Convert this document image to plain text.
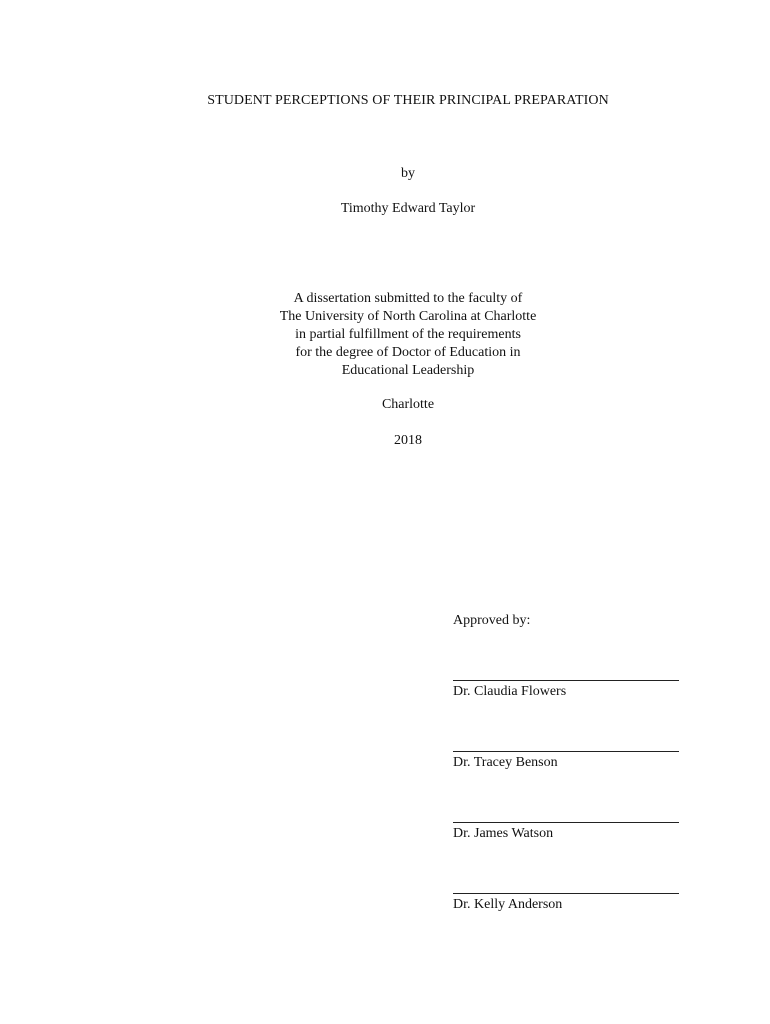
STUDENT PERCEPTIONS OF THEIR PRINCIPAL PREPARATION
by
Timothy Edward Taylor
A dissertation submitted to the faculty of
The University of North Carolina at Charlotte
in partial fulfillment of the requirements
for the degree of Doctor of Education in
Educational Leadership
Charlotte
2018
Approved by:
Dr. Claudia Flowers
Dr. Tracey Benson
Dr. James Watson
Dr. Kelly Anderson
